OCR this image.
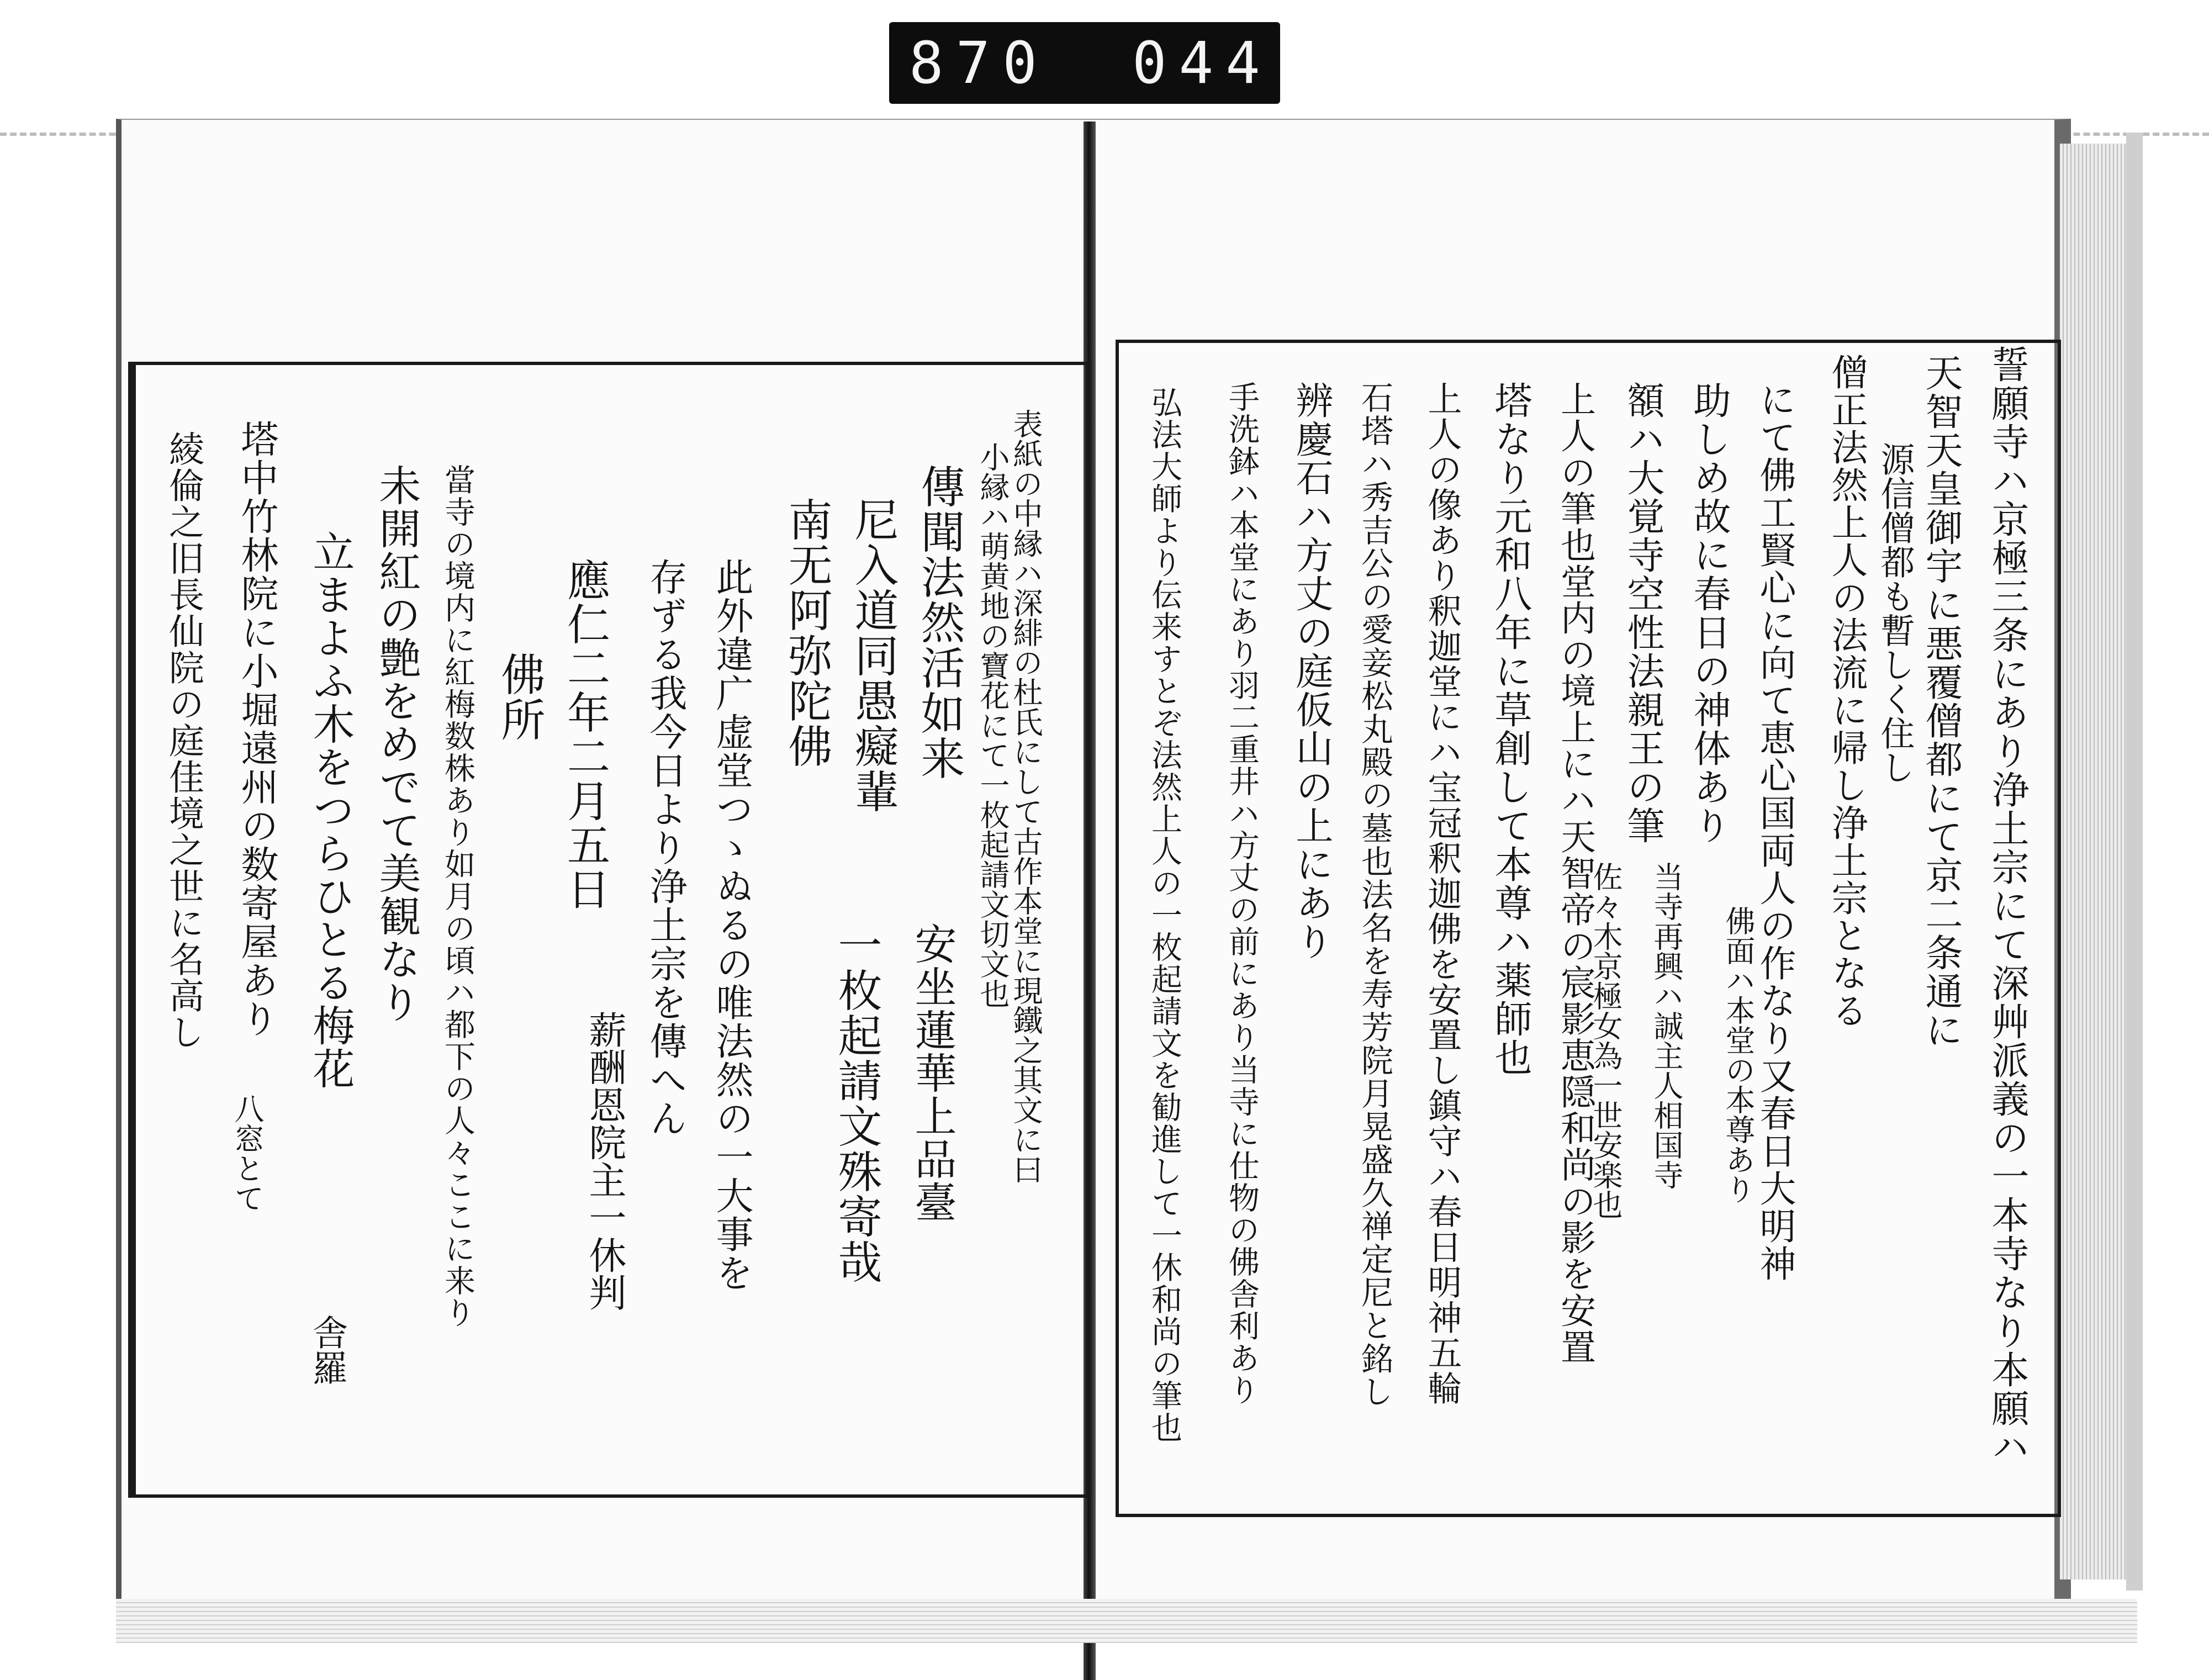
870 044
誓願寺ハ京極三条にあり浄土宗にて深艸派義の一本寺なり本願ハ
天智天皇御宇に悪覆僧都にて京二条通に
源信僧都も暫しく住し
僧正法然上人の法流に帰し浄土宗となる
にて佛工賢心に向て恵心国両人の作なり又春日大明神
助しめ故に春日の神体あり
額ハ大覚寺空性法親王の筆
上人の筆也堂内の境上にハ天智帝の宸影恵隠和尚の影を安置
塔なり元和八年に草創して本尊ハ薬師也
上人の像あり釈迦堂にハ宝冠釈迦佛を安置し鎮守ハ春日明神五輪
石塔ハ秀吉公の愛妾松丸殿の墓也法名を寿芳院月晃盛久禅定尼と銘し
辨慶石ハ方丈の庭仮山の上にあり
手洗鉢ハ本堂にあり羽二重井ハ方丈の前にあり当寺に仕物の佛舎利あり
弘法大師より伝来すとぞ法然上人の一枚起請文を勧進して一休和尚の筆也	佛面ハ本堂の本尊あり
当寺再興ハ誠主人相国寺
佐々木京極女為一世安楽也
表紙の中縁ハ深緋の杜氏にして古作本堂に現鐵之其文に曰
小縁ハ萌黄地の寶花にて一枚起請文切文也
傳聞法然活如来
尼入道同愚癡輩
南无阿弥陀佛
一枚起請文殊寄哉 安坐蓮華上品臺
此外違广虚堂つゝぬるの唯法然の一大事を
存ずる我今日より浄土宗を傳へん
薪酬恩院主一休判
應仁二年二月五日
佛所
當寺の境内に紅梅数株あり如月の頃ハ都下の人々ここに来り
未開紅の艶をめでて美観なり
立まよふ木をつらひとる梅花
塔中竹林院に小堀遠州の数寄屋あり
八窓とて
綾倫之旧長仙院の庭佳境之世に名高し
舎羅
